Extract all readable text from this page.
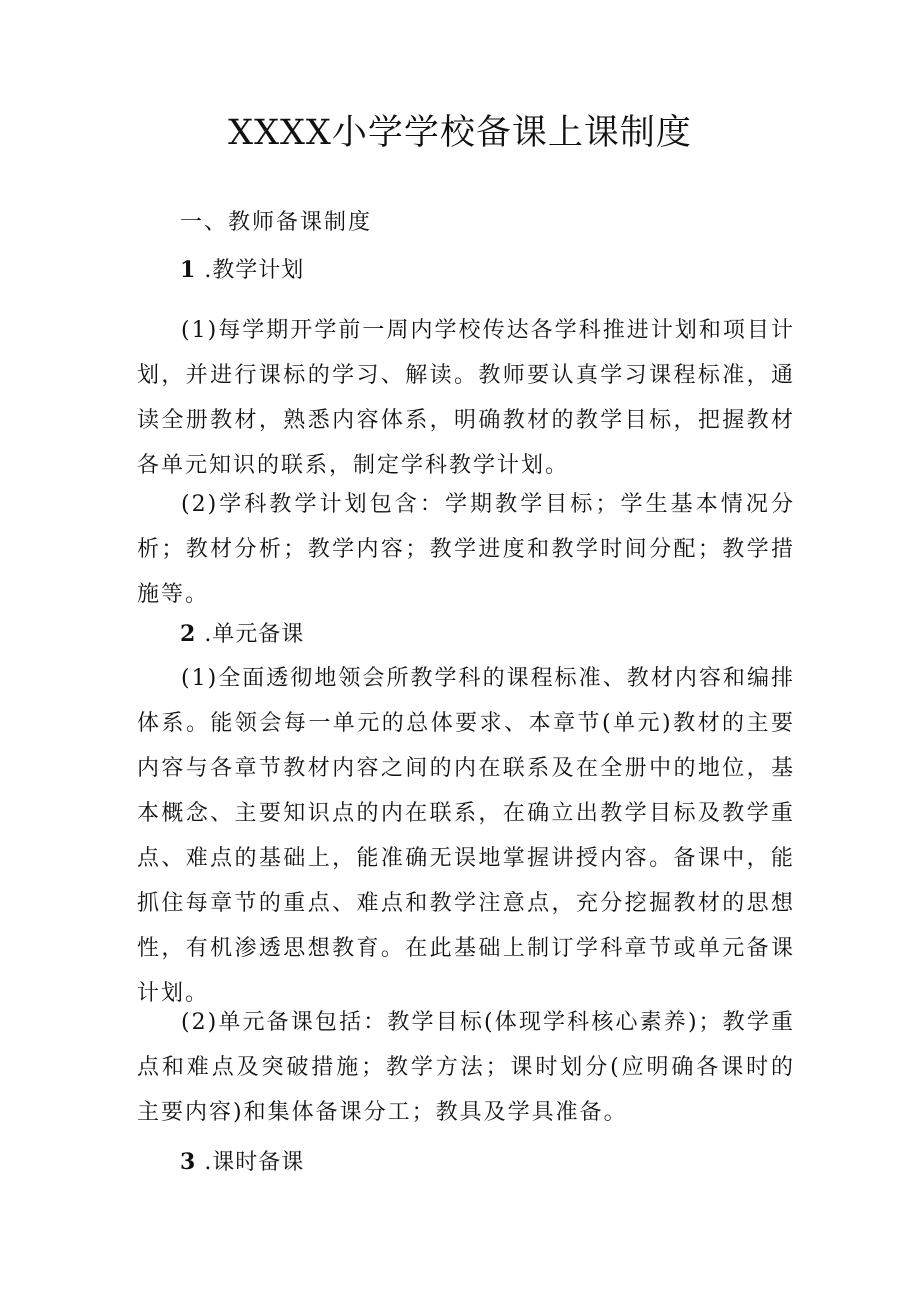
XXXX小学学校备课上课制度
一、教师备课制度
1 .教学计划

(1)每学期开学前一周内学校传达各学科推进计划和项目计划，并进行课标的学习、解读。教师要认真学习课程标准，通读全册教材，熟悉内容体系，明确教材的教学目标，把握教材各单元知识的联系，制定学科教学计划。

(2)学科教学计划包含：学期教学目标；学生基本情况分析；教材分析；教学内容；教学进度和教学时间分配；教学措施等。

2 .单元备课

(1)全面透彻地领会所教学科的课程标准、教材内容和编排体系。能领会每一单元的总体要求、本章节(单元)教材的主要内容与各章节教材内容之间的内在联系及在全册中的地位，基本概念、主要知识点的内在联系，在确立出教学目标及教学重点、难点的基础上，能准确无误地掌握讲授内容。备课中，能抓住每章节的重点、难点和教学注意点，充分挖掘教材的思想性，有机渗透思想教育。在此基础上制订学科章节或单元备课计划。

(2)单元备课包括：教学目标(体现学科核心素养)；教学重点和难点及突破措施；教学方法；课时划分(应明确各课时的主要内容)和集体备课分工；教具及学具准备。

3 .课时备课
